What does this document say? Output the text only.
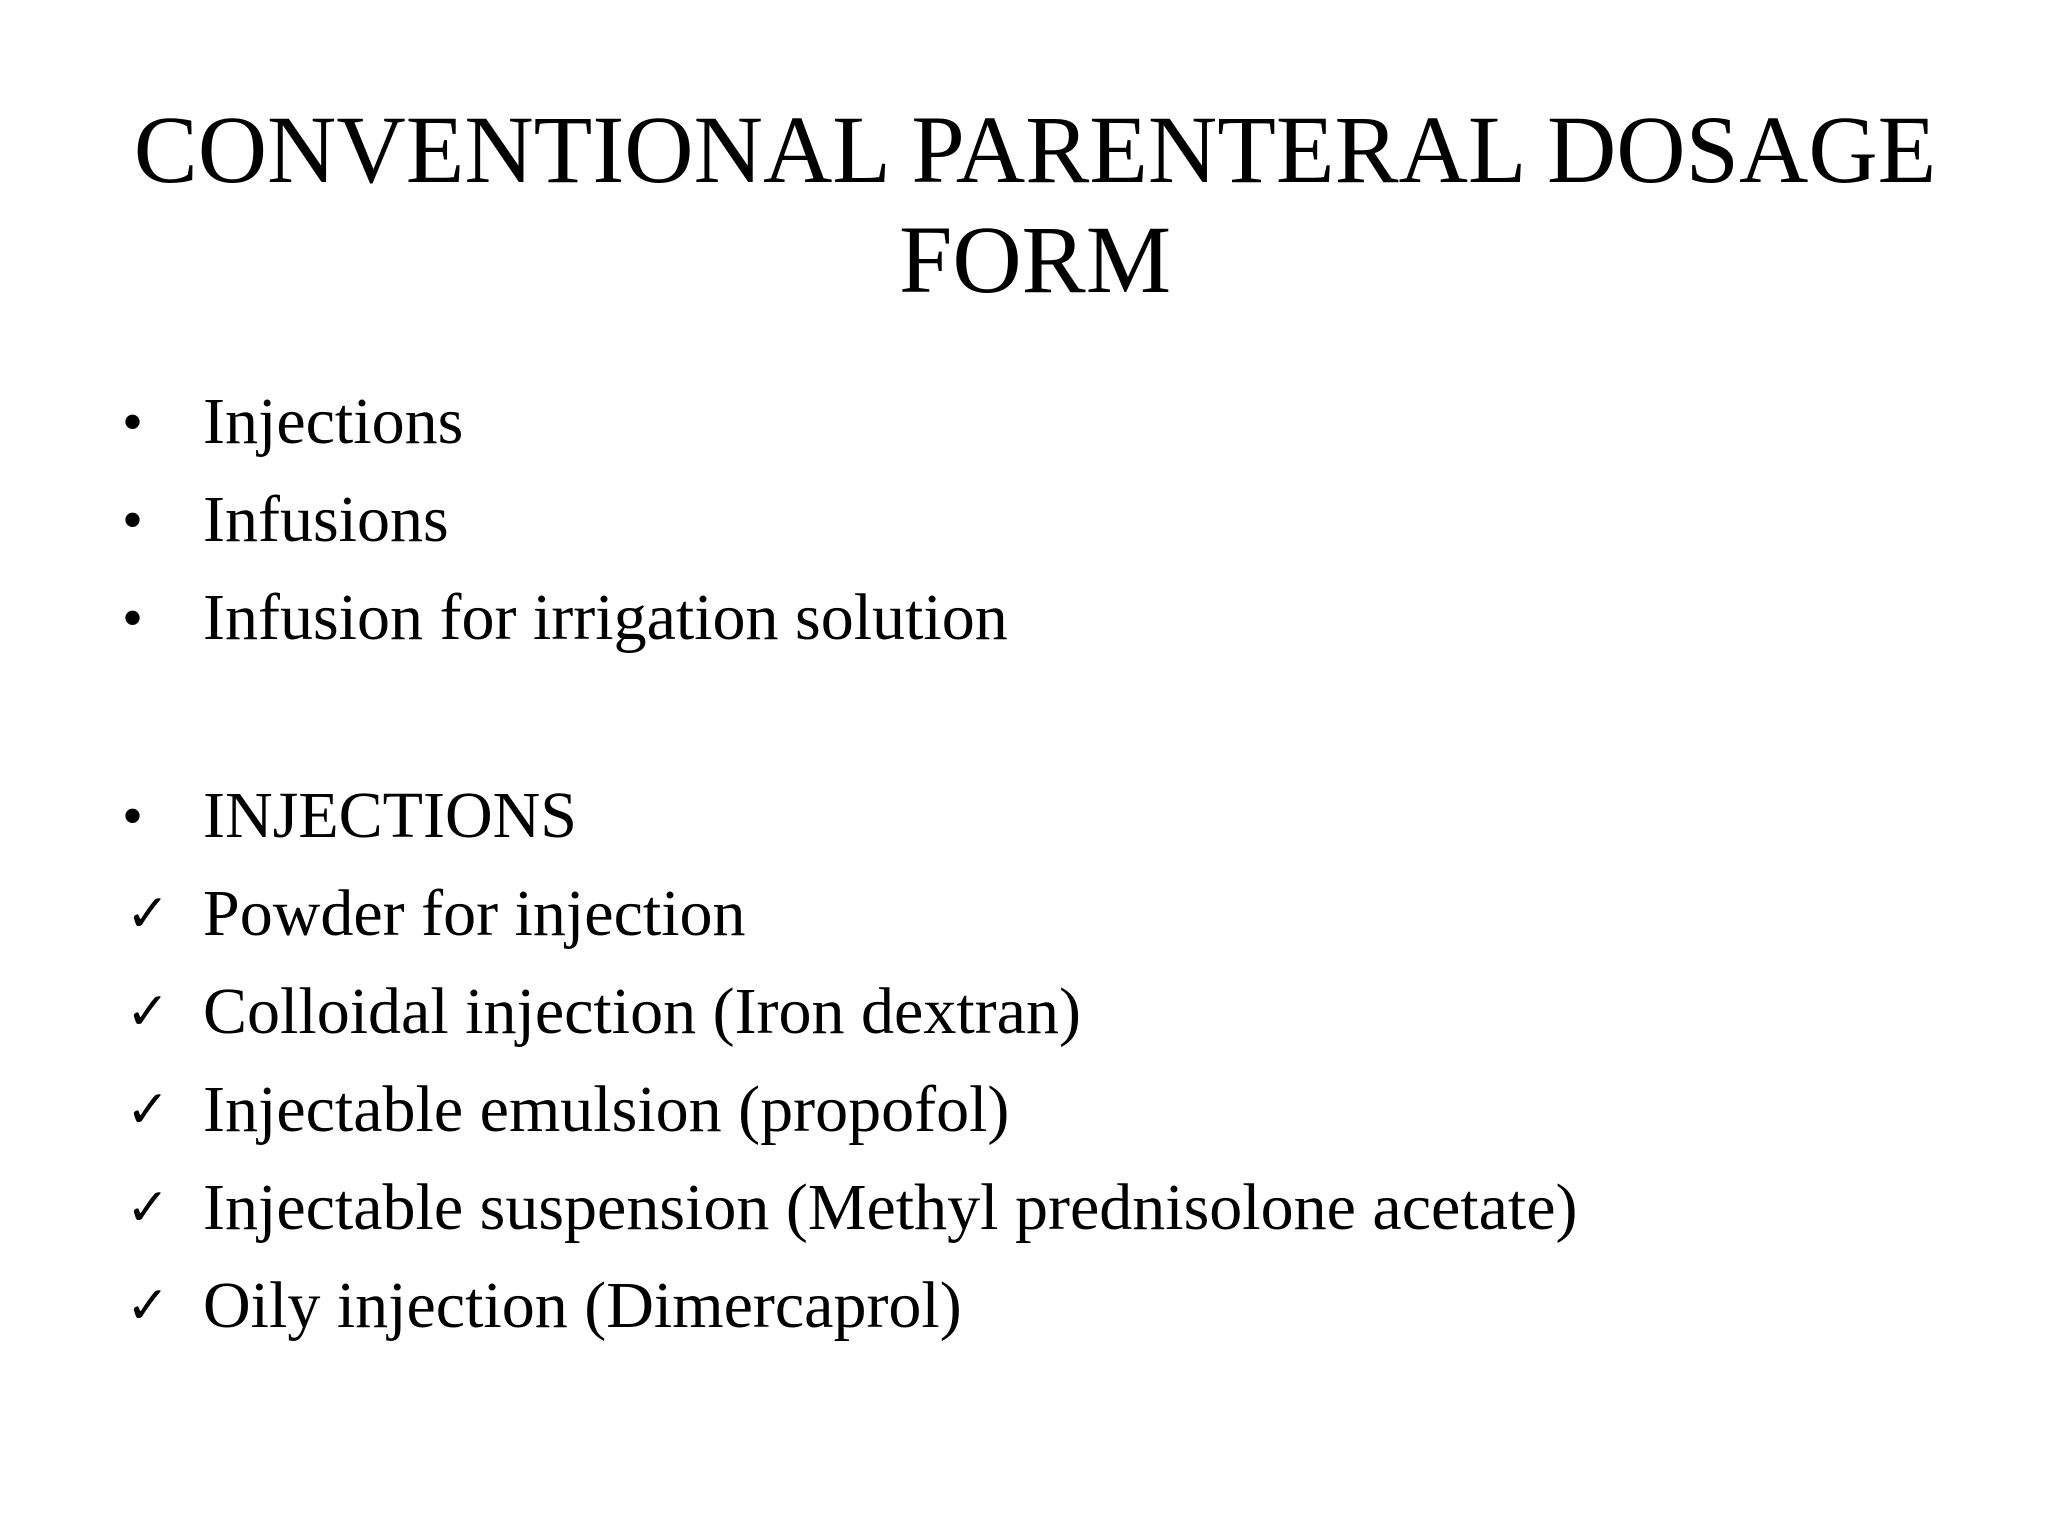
CONVENTIONAL PARENTERAL DOSAGE
FORM
• Injections
• Infusions
• Infusion for irrigation solution
• INJECTIONS
✓ Powder for injection
✓ Colloidal injection (Iron dextran)
✓ Injectable emulsion (propofol)
✓ Injectable suspension (Methyl prednisolone acetate)
✓ Oily injection (Dimercaprol)
